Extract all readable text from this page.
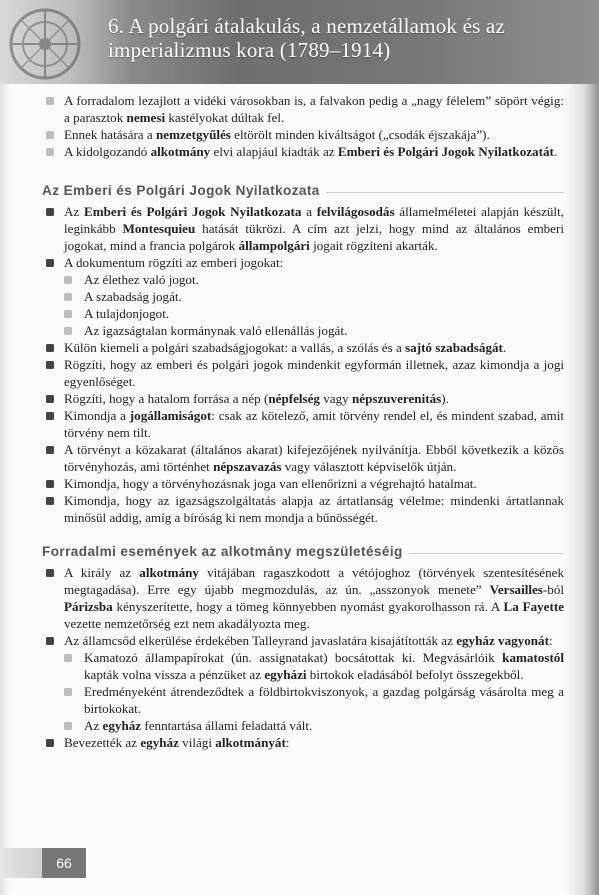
6. A polgári átalakulás, a nemzetállamok és az imperializmus kora (1789–1914)
A forradalom lezajlott a vidéki városokban is, a falvakon pedig a „nagy félelem” söpört végig: a parasztok nemesi kastélyokat dúltak fel.
Ennek hatására a nemzetgyűlés eltörölt minden kiváltságot („csodák éjszakája”).
A kidolgozandó alkotmány elvi alapjául kiadták az Emberi és Polgári Jogok Nyilatkozatát.
Az Emberi és Polgári Jogok Nyilatkozata
Az Emberi és Polgári Jogok Nyilatkozata a felvilágosodás államelméletei alapján készült, leginkább Montesquieu hatását tükrözi. A cím azt jelzi, hogy mind az általános emberi jogokat, mind a francia polgárok állampolgári jogait rögzíteni akarták.
A dokumentum rögzíti az emberi jogokat:
Az élethez való jogot.
A szabadság jogát.
A tulajdonjogot.
Az igazságtalan kormánynak való ellenállás jogát.
Külön kiemeli a polgári szabadságjogokat: a vallás, a szólás és a sajtó szabadságát.
Rögzíti, hogy az emberi és polgári jogok mindenkit egyformán illetnek, azaz kimondja a jogi egyenlőséget.
Rögzíti, hogy a hatalom forrása a nép (népfelség vagy népszuverenitás).
Kimondja a jogállamiságot: csak az kötelező, amit törvény rendel el, és mindent szabad, amit törvény nem tilt.
A törvényt a közakarat (általános akarat) kifejezőjének nyilvánítja. Ebből következik a közös törvényhozás, ami történhet népszavazás vagy választott képviselők útján.
Kimondja, hogy a törvényhozásnak joga van ellenőrizni a végrehajtó hatalmat.
Kimondja, hogy az igazságszolgáltatás alapja az ártatlanság vélelme: mindenki ártatlannak minősül addig, amíg a bíróság ki nem mondja a bűnösségét.
Forradalmi események az alkotmány megszületéséig
A király az alkotmány vitájában ragaszkodott a vétójoghoz (törvények szentesítésének megtagadása). Erre egy újabb megmozdulás, az ún. „asszonyok menete” Versailles-ból Párizsba kényszerítette, hogy a tömeg könnyebben nyomást gyakorolhasson rá. A La Fayette vezette nemzetőrség ezt nem akadályozta meg.
Az államcsőd elkerülése érdekében Talleyrand javaslatára kisajátították az egyház vagyonát:
Kamatozó állampapírokat (ún. assignatakat) bocsátottak ki. Megvásárlóik kamatostól kapták volna vissza a pénzüket az egyházi birtokok eladásából befolyt összegekből.
Eredményeként átrendeződtek a földbirtokviszonyok, a gazdag polgárság vásárolta meg a birtokokat.
Az egyház fenntartása állami feladattá vált.
Bevezették az egyház világi alkotmányát:
66
